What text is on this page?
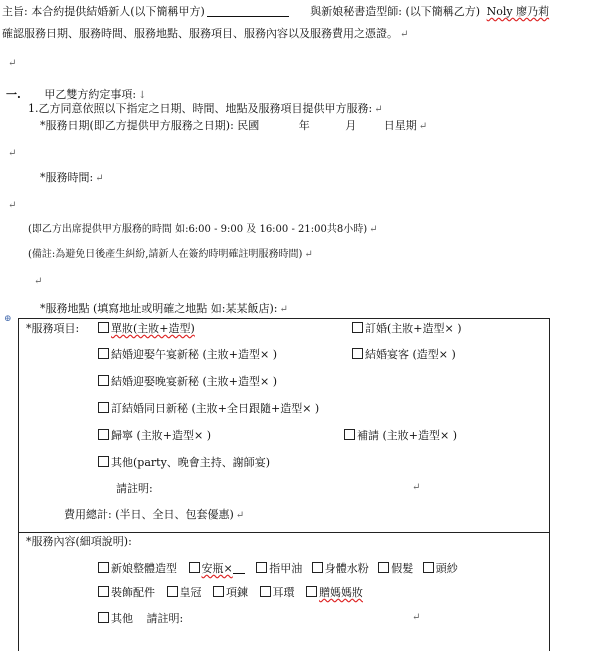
主旨: 本合約提供結婚新人(以下簡稱甲方)	與新娘秘書造型師: (以下簡稱乙方) Noly 廖乃莉
確認服務日期、服務時間、服務地點、服務項目、服務內容以及服務費用之憑證。 ↵
↵
一. 甲乙雙方約定事項: ↓
1.乙方同意依照以下指定之日期、時間、地點及服務項目提供甲方服務: ↵
*服務日期(即乙方提供甲方服務之日期): 民國	年	月	日星期 ↵
↵
*服務時間: ↵
↵
(即乙方出席提供甲方服務的時間 如:6:00 - 9:00 及 16:00 - 21:00共8小時) ↵
(備註:為避免日後產生糾紛,請新人在簽約時明確註明服務時間) ↵
↵
*服務地點 (填寫地址或明確之地點 如:某某飯店): ↵
⊕
*服務項目:	單妝(主妝+造型)	訂婚(主妝+造型× )
結婚迎娶午宴新秘 (主妝+造型× )	結婚宴客 (造型× )
結婚迎娶晚宴新秘 (主妝+造型× )
訂結婚同日新秘 (主妝+全日跟隨+造型× )
歸寧 (主妝+造型× )	補請 (主妝+造型× )
其他(party、晚會主持、謝師宴)
請註明:	↵
費用總計: (半日、全日、包套優惠) ↵
*服務內容(細項說明):
新娘整體造型 安瓶×	指甲油 身體水粉 假髮 頭紗
裝飾配件 皇冠 項鍊 耳環 贈媽媽妝
其他 請註明:	↵
